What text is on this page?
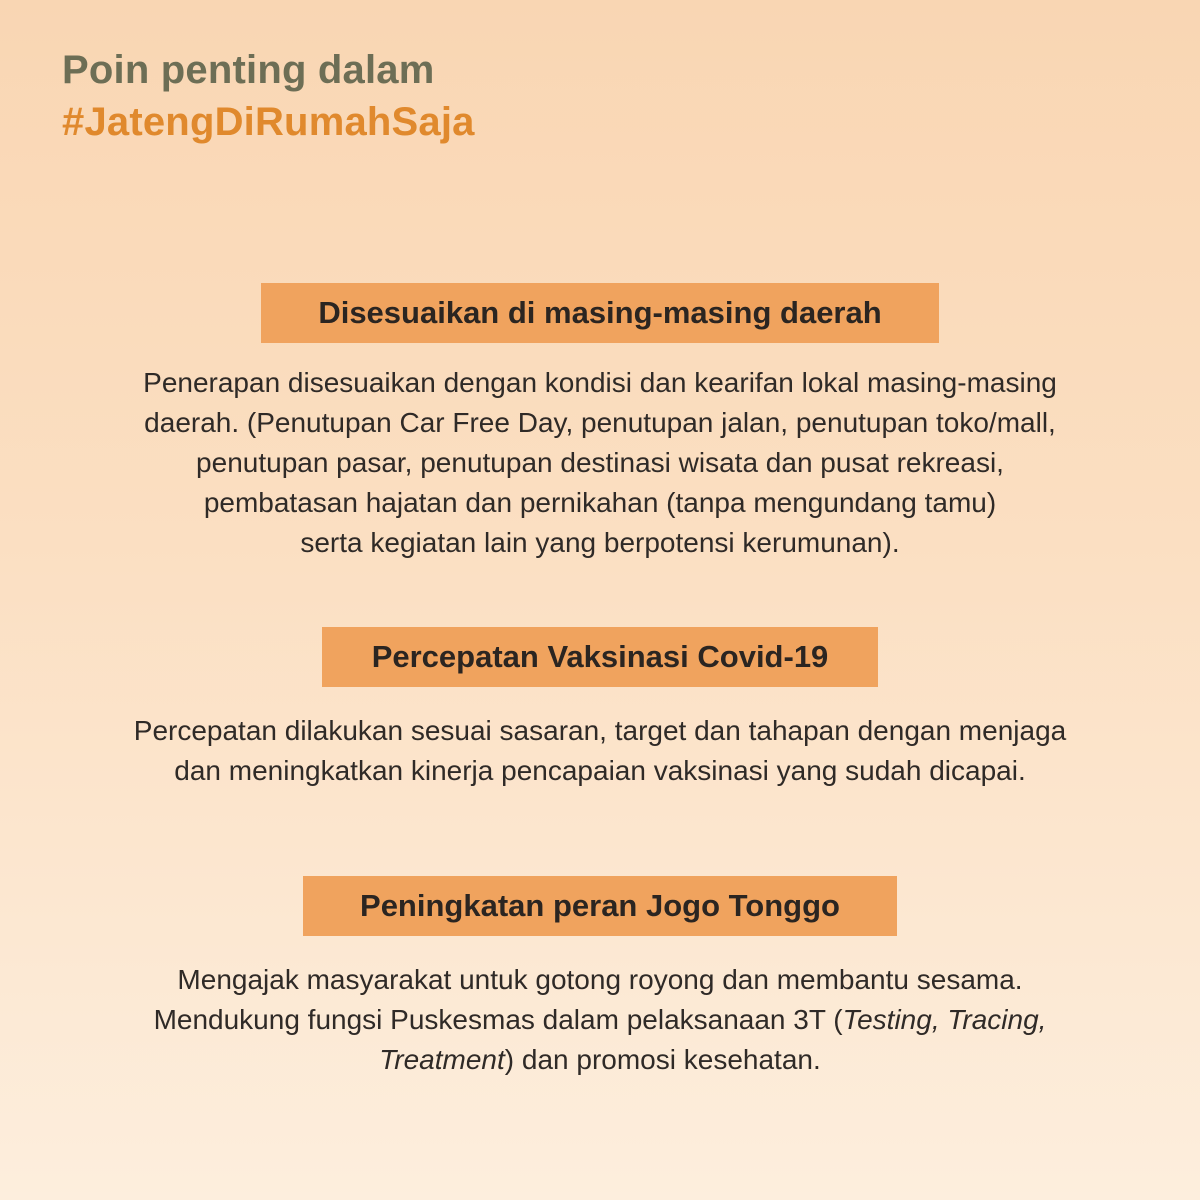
Poin penting dalam
#JatengDiRumahSaja
Disesuaikan di masing-masing daerah
Penerapan disesuaikan dengan kondisi dan kearifan lokal masing-masing
daerah. (Penutupan Car Free Day, penutupan jalan, penutupan toko/mall,
penutupan pasar, penutupan destinasi wisata dan pusat rekreasi,
pembatasan hajatan dan pernikahan (tanpa mengundang tamu)
serta kegiatan lain yang berpotensi kerumunan).
Percepatan Vaksinasi Covid-19
Percepatan dilakukan sesuai sasaran, target dan tahapan dengan menjaga
dan meningkatkan kinerja pencapaian vaksinasi yang sudah dicapai.
Peningkatan peran Jogo Tonggo
Mengajak masyarakat untuk gotong royong dan membantu sesama.
Mendukung fungsi Puskesmas dalam pelaksanaan 3T (Testing, Tracing,
Treatment) dan promosi kesehatan.
